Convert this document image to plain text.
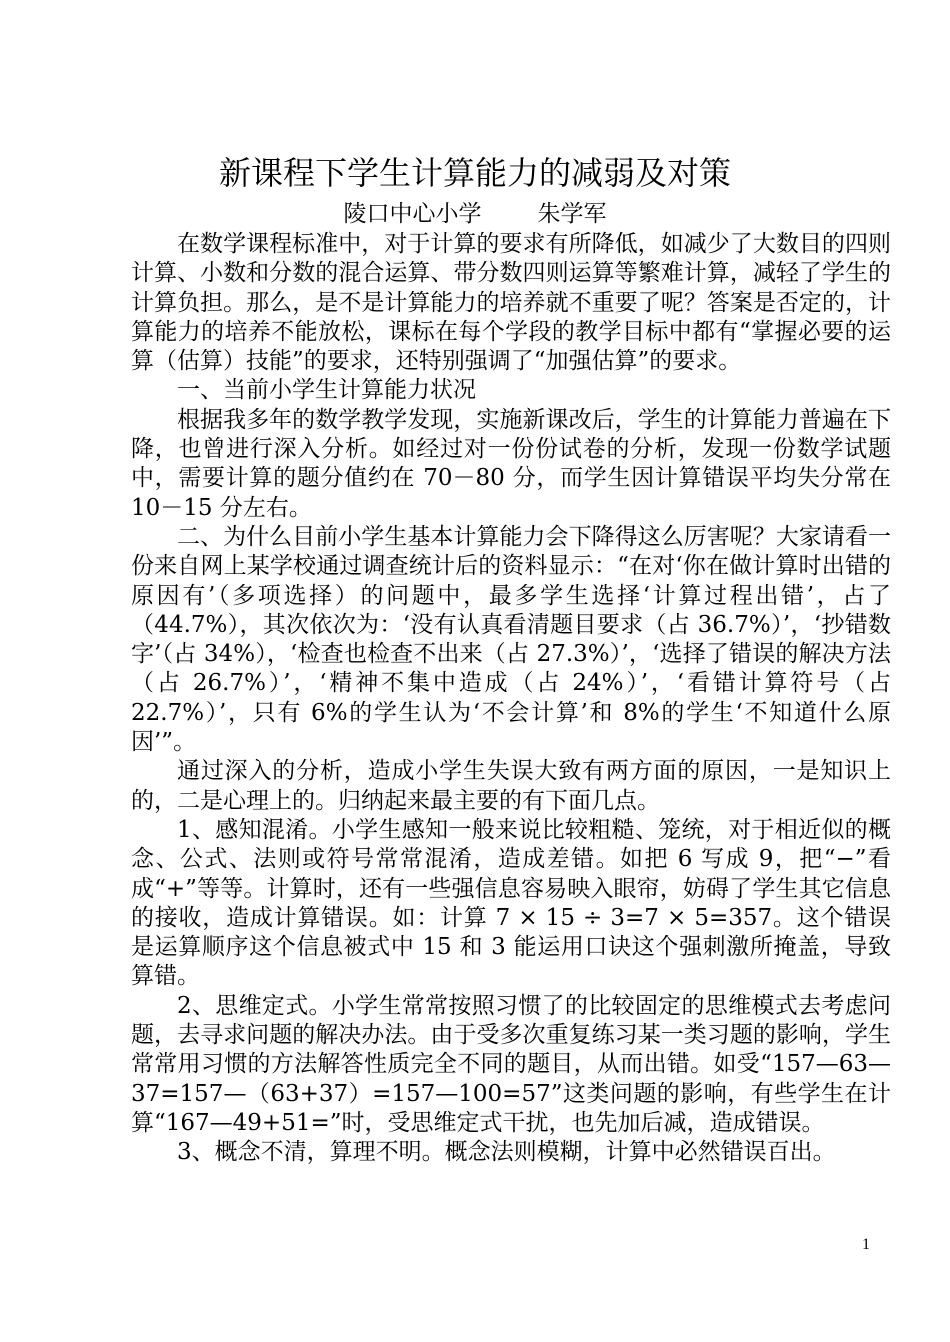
新课程下学生计算能力的减弱及对策
陵口中心小学 朱学军

在数学课程标准中，对于计算的要求有所降低，如减少了大数目的四则计算、小数和分数的混合运算、带分数四则运算等繁难计算，减轻了学生的计算负担。那么，是不是计算能力的培养就不重要了呢？答案是否定的，计算能力的培养不能放松，课标在每个学段的教学目标中都有“掌握必要的运算（估算）技能”的要求，还特别强调了“加强估算”的要求。

一、当前小学生计算能力状况

根据我多年的数学教学发现，实施新课改后，学生的计算能力普遍在下降，也曾进行深入分析。如经过对一份份试卷的分析，发现一份数学试题中，需要计算的题分值约在 70－80 分，而学生因计算错误平均失分常在 10－15 分左右。

二、为什么目前小学生基本计算能力会下降得这么厉害呢？大家请看一份来自网上某学校通过调查统计后的资料显示：“在对‘你在做计算时出错的原因有’（多项选择）的问题中，最多学生选择‘计算过程出错’，占了（44.7%），其次依次为：‘没有认真看清题目要求（占 36.7%）’，‘抄错数字’（占 34%），‘检查也检查不出来（占 27.3%）’，‘选择了错误的解决方法（占 26.7%）’，‘精神不集中造成（占 24%）’，‘看错计算符号（占 22.7%）’，只有 6%的学生认为‘不会计算’和 8%的学生‘不知道什么原因’”。

通过深入的分析，造成小学生失误大致有两方面的原因，一是知识上的，二是心理上的。归纳起来最主要的有下面几点。

1、感知混淆。小学生感知一般来说比较粗糙、笼统，对于相近似的概念、公式、法则或符号常常混淆，造成差错。如把 6 写成 9，把“−”看成“+”等等。计算时，还有一些强信息容易映入眼帘，妨碍了学生其它信息的接收，造成计算错误。如：计算 7 × 15 ÷ 3=7 × 5=357。这个错误是运算顺序这个信息被式中 15 和 3 能运用口诀这个强刺激所掩盖，导致算错。

2、思维定式。小学生常常按照习惯了的比较固定的思维模式去考虑问题，去寻求问题的解决办法。由于受多次重复练习某一类习题的影响，学生常常用习惯的方法解答性质完全不同的题目，从而出错。如受“157—63—37=157—（63+37）=157—100=57”这类问题的影响，有些学生在计算“167—49+51=”时，受思维定式干扰，也先加后减，造成错误。

3、概念不清，算理不明。概念法则模糊，计算中必然错误百出。

1
